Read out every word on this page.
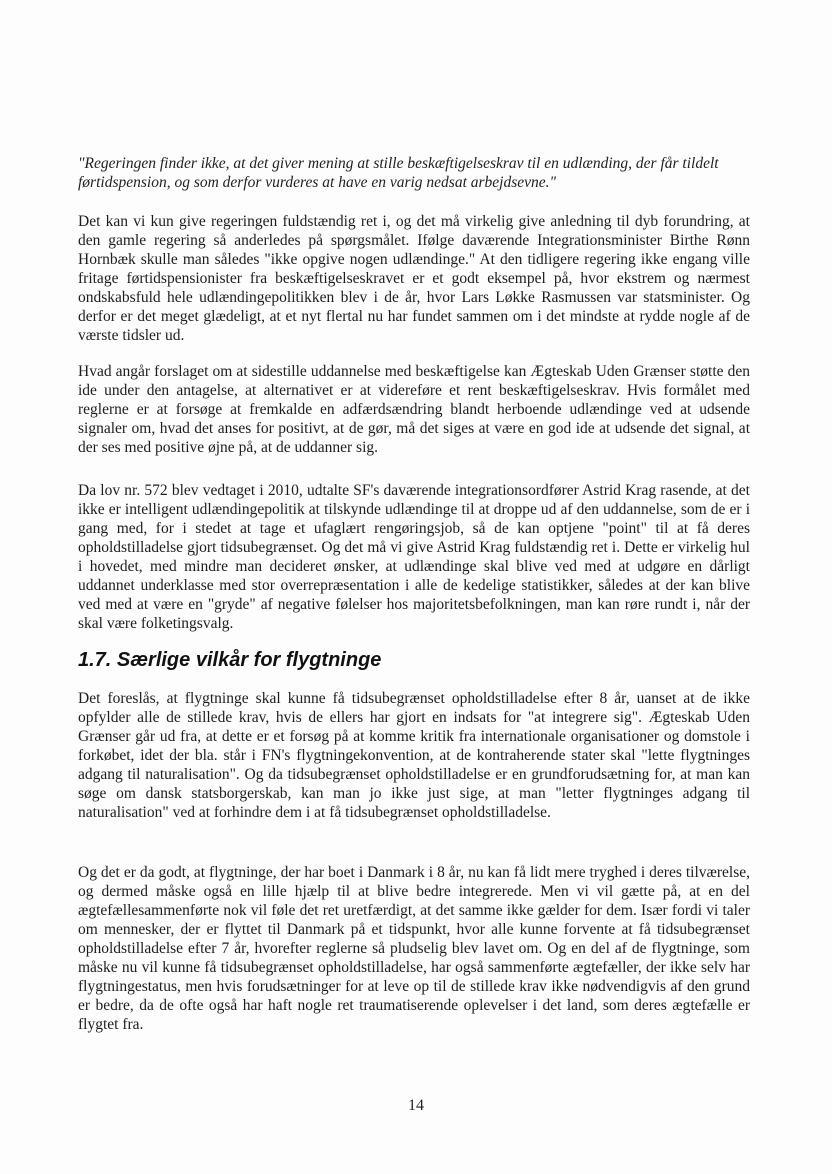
"Regeringen finder ikke, at det giver mening at stille beskæftigelseskrav til en udlænding, der får tildelt førtidspension, og som derfor vurderes at have en varig nedsat arbejdsevne."
Det kan vi kun give regeringen fuldstændig ret i, og det må virkelig give anledning til dyb forundring, at den gamle regering så anderledes på spørgsmålet. Ifølge daværende Integrationsminister Birthe Rønn Hornbæk skulle man således "ikke opgive nogen udlændinge." At den tidligere regering ikke engang ville fritage førtidspensionister fra beskæftigelseskravet er et godt eksempel på, hvor ekstrem og nærmest ondskabsfuld hele udlændingepolitikken blev i de år, hvor Lars Løkke Rasmussen var statsminister. Og derfor er det meget glædeligt, at et nyt flertal nu har fundet sammen om i det mindste at rydde nogle af de værste tidsler ud.
Hvad angår forslaget om at sidestille uddannelse med beskæftigelse kan Ægteskab Uden Grænser støtte den ide under den antagelse, at alternativet er at videreføre et rent beskæftigelseskrav. Hvis formålet med reglerne er at forsøge at fremkalde en adfærdsændring blandt herboende udlændinge ved at udsende signaler om, hvad det anses for positivt, at de gør, må det siges at være en god ide at udsende det signal, at der ses med positive øjne på, at de uddanner sig.
Da lov nr. 572 blev vedtaget i 2010, udtalte SF's daværende integrationsordfører Astrid Krag rasende, at det ikke er intelligent udlændingepolitik at tilskynde udlændinge til at droppe ud af den uddannelse, som de er i gang med, for i stedet at tage et ufaglært rengøringsjob, så de kan optjene "point" til at få deres opholdstilladelse gjort tidsubegrænset. Og det må vi give Astrid Krag fuldstændig ret i. Dette er virkelig hul i hovedet, med mindre man decideret ønsker, at udlændinge skal blive ved med at udgøre en dårligt uddannet underklasse med stor overrepræsentation i alle de kedelige statistikker, således at der kan blive ved med at være en "gryde" af negative følelser hos majoritetsbefolkningen, man kan røre rundt i, når der skal være folketingsvalg.
1.7. Særlige vilkår for flygtninge
Det foreslås, at flygtninge skal kunne få tidsubegrænset opholdstilladelse efter 8 år, uanset at de ikke opfylder alle de stillede krav, hvis de ellers har gjort en indsats for "at integrere sig". Ægteskab Uden Grænser går ud fra, at dette er et forsøg på at komme kritik fra internationale organisationer og domstole i forkøbet, idet der bla. står i FN's flygtningekonvention, at de kontraherende stater skal "lette flygtninges adgang til naturalisation". Og da tidsubegrænset opholdstilladelse er en grundforudsætning for, at man kan søge om dansk statsborgerskab, kan man jo ikke just sige, at man "letter flygtninges adgang til naturalisation" ved at forhindre dem i at få tidsubegrænset opholdstilladelse.
Og det er da godt, at flygtninge, der har boet i Danmark i 8 år, nu kan få lidt mere tryghed i deres tilværelse, og dermed måske også en lille hjælp til at blive bedre integrerede. Men vi vil gætte på, at en del ægtefællesammenførte nok vil føle det ret uretfærdigt, at det samme ikke gælder for dem. Især fordi vi taler om mennesker, der er flyttet til Danmark på et tidspunkt, hvor alle kunne forvente at få tidsubegrænset opholdstilladelse efter 7 år, hvorefter reglerne så pludselig blev lavet om. Og en del af de flygtninge, som måske nu vil kunne få tidsubegrænset opholdstilladelse, har også sammenførte ægtefæller, der ikke selv har flygtningestatus, men hvis forudsætninger for at leve op til de stillede krav ikke nødvendigvis af den grund er bedre, da de ofte også har haft nogle ret traumatiserende oplevelser i det land, som deres ægtefælle er flygtet fra.
14
